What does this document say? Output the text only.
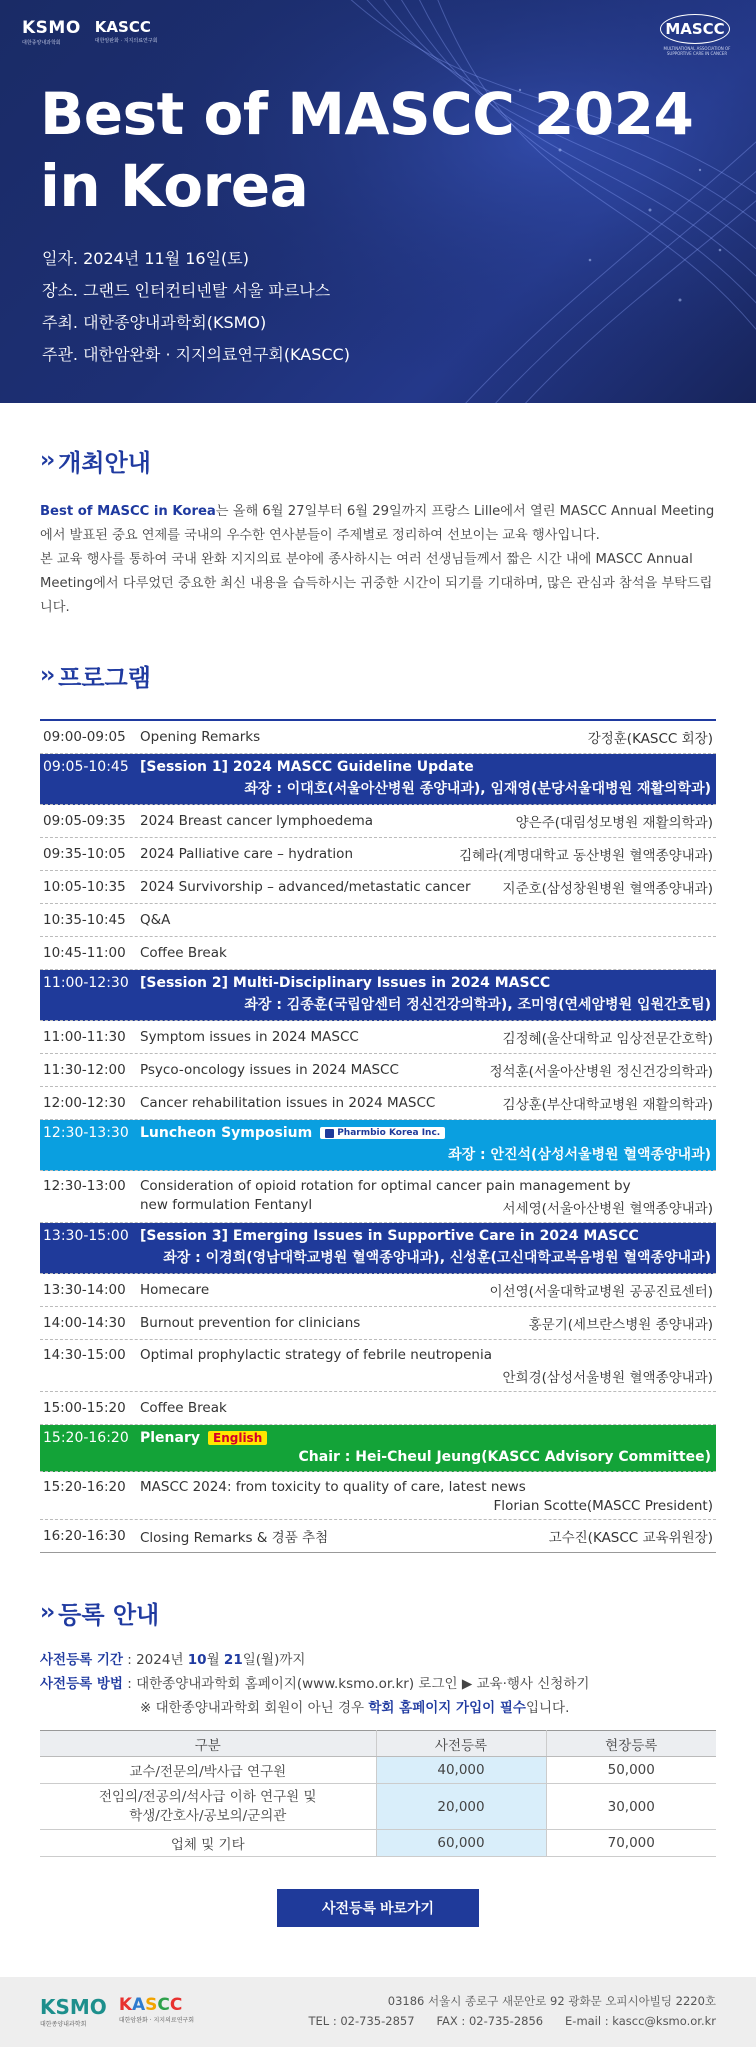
KSMO
대한종양내과학회
KASCC
대한암완화 · 지지의료연구회
MASCC
MULTINATIONAL ASSOCIATION OF SUPPORTIVE CARE IN CANCER
Best of MASCC 2024
in Korea
일자. 2024년 11월 16일(토)
장소. 그랜드 인터컨티넨탈 서울 파르나스
주최. 대한종양내과학회(KSMO)
주관. 대한암완화 · 지지의료연구회(KASCC)
›› 개최안내
Best of MASCC in Korea는 올해 6월 27일부터 6월 29일까지 프랑스 Lille에서 열린 MASCC Annual Meeting에서 발표된 중요 연제를 국내의 우수한 연사분들이 주제별로 정리하여 선보이는 교육 행사입니다.
본 교육 행사를 통하여 국내 완화 지지의료 분야에 종사하시는 여러 선생님들께서 짧은 시간 내에 MASCC Annual Meeting에서 다루었던 중요한 최신 내용을 습득하시는 귀중한 시간이 되기를 기대하며, 많은 관심과 참석을 부탁드립니다.
›› 프로그램
09:00-09:05	Opening Remarks	강정훈(KASCC 회장)
09:05-10:45 [Session 1] 2024 MASCC Guideline Update
좌장 : 이대호(서울아산병원 종양내과), 임재영(분당서울대병원 재활의학과)
09:05-09:35	2024 Breast cancer lymphoedema	양은주(대림성모병원 재활의학과)
09:35-10:05	2024 Palliative care – hydration	김혜라(계명대학교 동산병원 혈액종양내과)
10:05-10:35	2024 Survivorship – advanced/metastatic cancer	지준호(삼성창원병원 혈액종양내과)
10:35-10:45	Q&A
10:45-11:00	Coffee Break
11:00-12:30 [Session 2] Multi-Disciplinary Issues in 2024 MASCC
좌장 : 김종훈(국립암센터 정신건강의학과), 조미영(연세암병원 입원간호팀)
11:00-11:30	Symptom issues in 2024 MASCC	김정혜(울산대학교 임상전문간호학)
11:30-12:00	Psyco-oncology issues in 2024 MASCC	정석훈(서울아산병원 정신건강의학과)
12:00-12:30	Cancer rehabilitation issues in 2024 MASCC	김상훈(부산대학교병원 재활의학과)
12:30-13:30 Luncheon Symposium	Pharmbio Korea Inc.
좌장 : 안진석(삼성서울병원 혈액종양내과)
12:30-13:00	Consideration of opioid rotation for optimal cancer pain management by
new formulation Fentanyl	서세영(서울아산병원 혈액종양내과)
13:30-15:00 [Session 3] Emerging Issues in Supportive Care in 2024 MASCC
좌장 : 이경희(영남대학교병원 혈액종양내과), 신성훈(고신대학교복음병원 혈액종양내과)
13:30-14:00	Homecare	이선영(서울대학교병원 공공진료센터)
14:00-14:30	Burnout prevention for clinicians	홍문기(세브란스병원 종양내과)
14:30-15:00	Optimal prophylactic strategy of febrile neutropenia
안희경(삼성서울병원 혈액종양내과)
15:00-15:20	Coffee Break
15:20-16:20 Plenary	English
Chair : Hei-Cheul Jeung(KASCC Advisory Committee)
15:20-16:20	MASCC 2024: from toxicity to quality of care, latest news
Florian Scotte(MASCC President)
16:20-16:30	Closing Remarks & 경품 추첨	고수진(KASCC 교육위원장)
›› 등록 안내
사전등록 기간 : 2024년 10월 21일(월)까지
사전등록 방법 : 대한종양내과학회 홈페이지(www.ksmo.or.kr) 로그인 ▶ 교육·행사 신청하기
※ 대한종양내과학회 회원이 아닌 경우 학회 홈페이지 가입이 필수입니다.
구분	사전등록	현장등록
교수/전문의/박사급 연구원	40,000	50,000

전임의/전공의/석사급 이하 연구원 및
학생/간호사/공보의/군의관	20,000	30,000
업체 및 기타	60,000	70,000
사전등록 바로가기
KSMO
대한종양내과학회
KASCC
대한암완화 · 지지의료연구회
03186 서울시 종로구 새문안로 92 광화문 오피시아빌딩 2220호
TEL : 02-735-2857      FAX : 02-735-2856      E-mail : kascc@ksmo.or.kr
